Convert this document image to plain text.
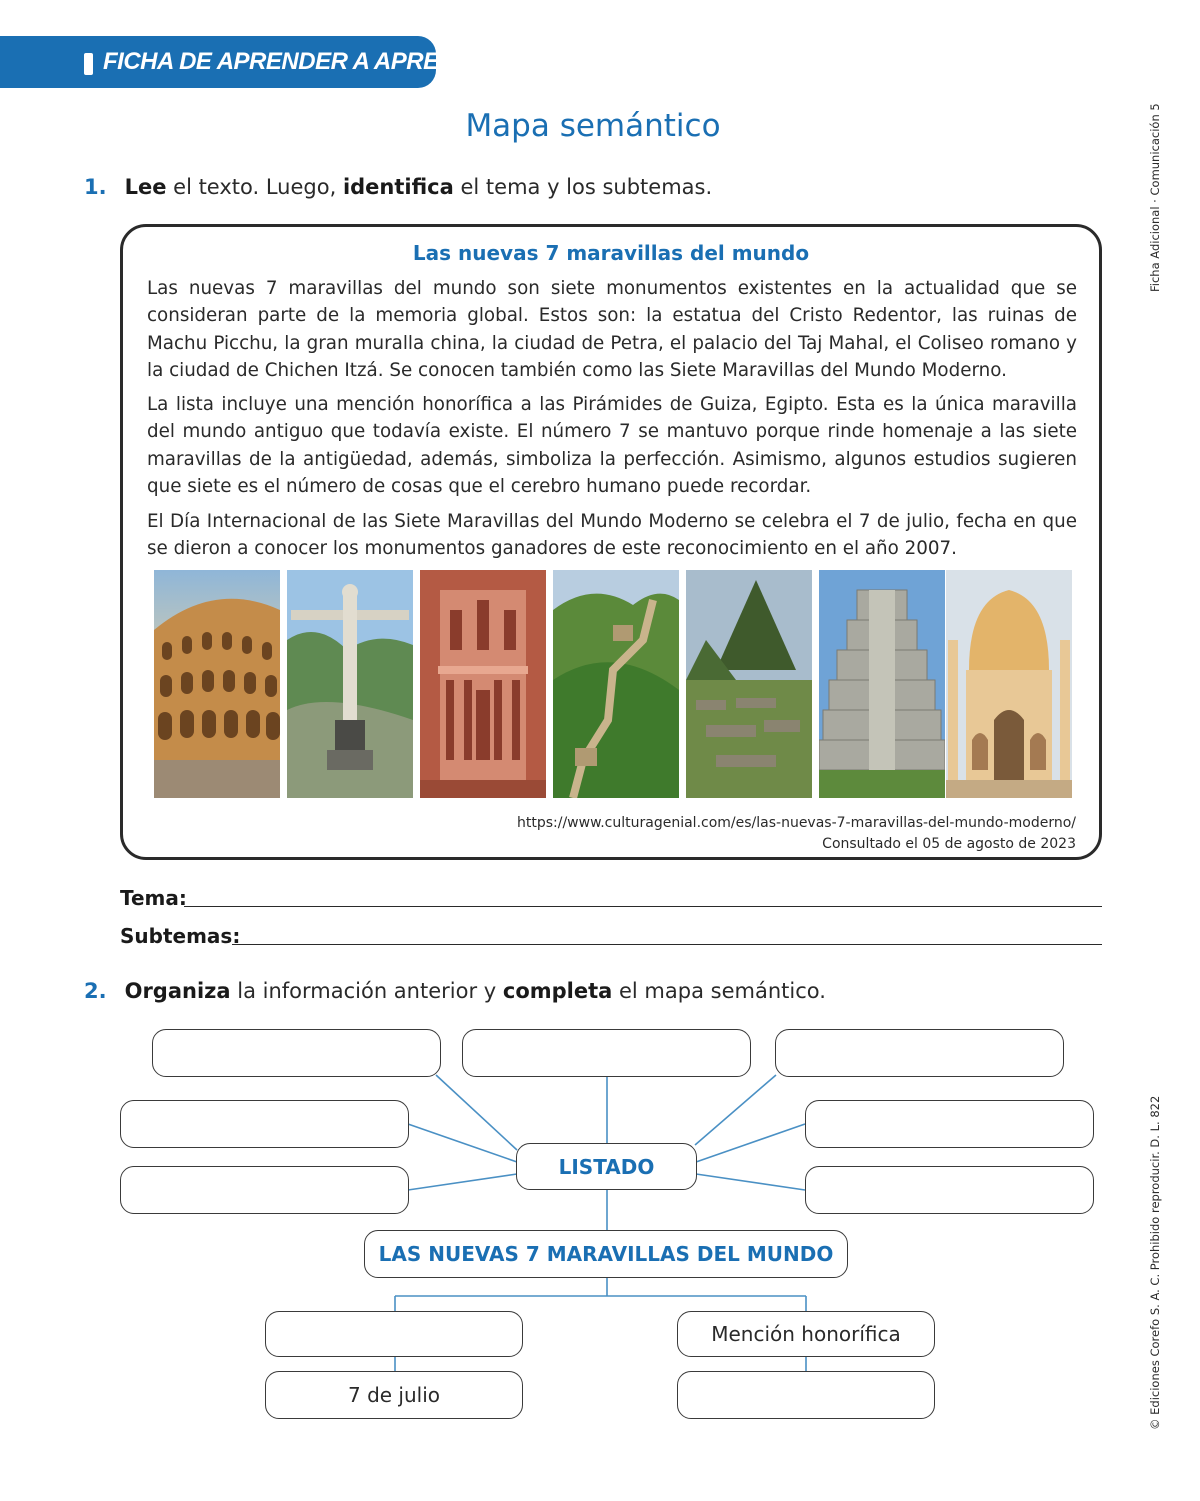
FICHA DE APRENDER A APRENDER
Mapa semántico
1. Lee el texto. Luego, identifica el tema y los subtemas.
Las nuevas 7 maravillas del mundo
Las nuevas 7 maravillas del mundo son siete monumentos existentes en la actualidad que se consideran parte de la memoria global. Estos son: la estatua del Cristo Redentor, las ruinas de Machu Picchu, la gran muralla china, la ciudad de Petra, el palacio del Taj Mahal, el Coliseo romano y la ciudad de Chichen Itzá. Se conocen también como las Siete Maravillas del Mundo Moderno.
La lista incluye una mención honorífica a las Pirámides de Guiza, Egipto. Esta es la única maravilla del mundo antiguo que todavía existe. El número 7 se mantuvo porque rinde homenaje a las siete maravillas de la antigüedad, además, simboliza la perfección. Asimismo, algunos estudios sugieren que siete es el número de cosas que el cerebro humano puede recordar.
El Día Internacional de las Siete Maravillas del Mundo Moderno se celebra el 7 de julio, fecha en que se dieron a conocer los monumentos ganadores de este reconocimiento en el año 2007.
https://www.culturagenial.com/es/las-nuevas-7-maravillas-del-mundo-moderno/
Consultado el 05 de agosto de 2023
Tema:
Subtemas:
2. Organiza la información anterior y completa el mapa semántico.
LISTADO
LAS NUEVAS 7 MARAVILLAS DEL MUNDO
Mención honorífica
7 de julio
Ficha Adicional · Comunicación 5
© Ediciones Corefo S. A. C. Prohibido reproducir. D. L. 822
